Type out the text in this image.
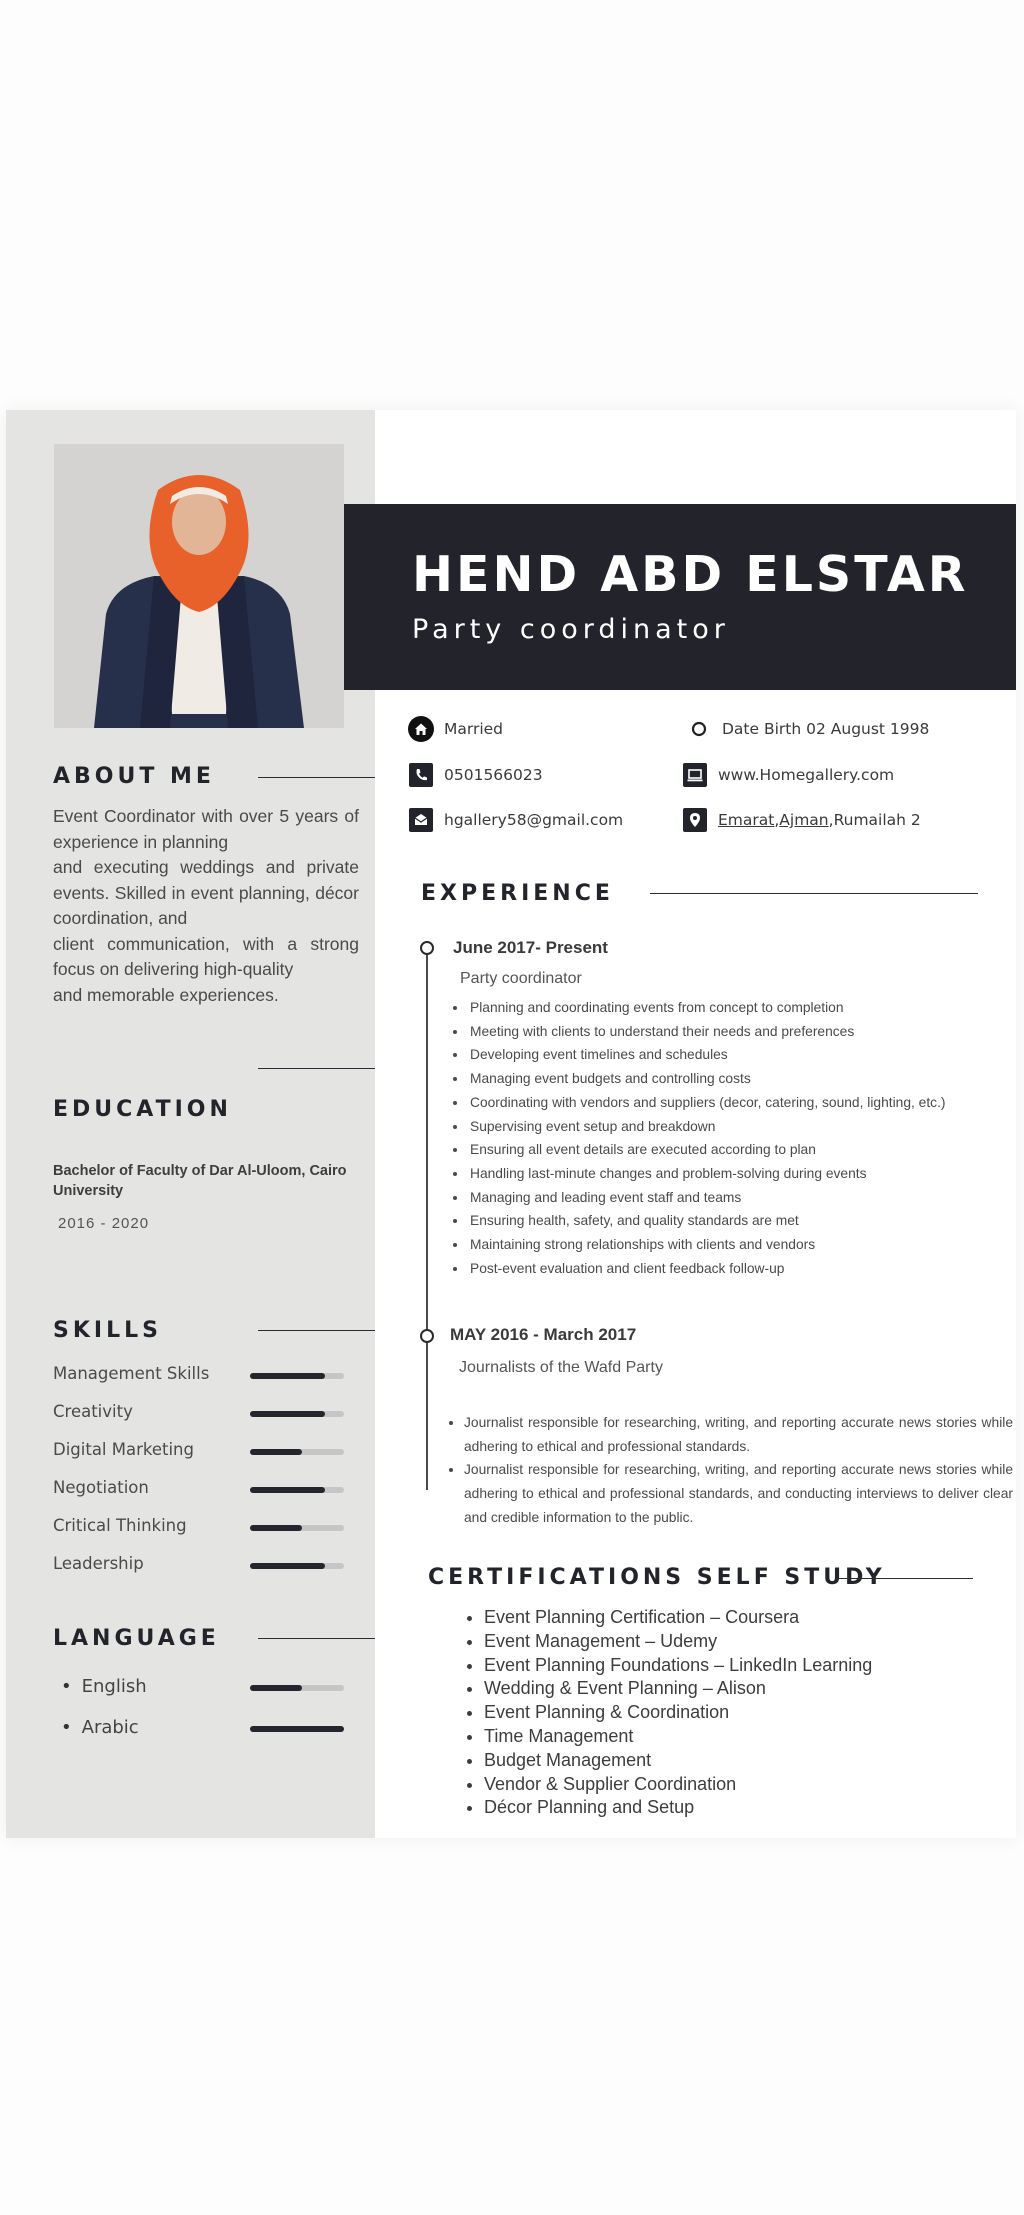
ABOUT ME
Event Coordinator with over 5 years of experience in planning
and executing weddings and private events. Skilled in event planning, décor coordination, and
client communication, with a strong focus on delivering high-quality
and memorable experiences.
EDUCATION
Bachelor of Faculty of Dar Al-Uloom, Cairo University
2016 - 2020
SKILLS
Management Skills
Creativity
Digital Marketing
Negotiation
Critical Thinking
Leadership
LANGUAGE
• English
• Arabic
HEND ABD ELSTAR
Party coordinator
Married	Date Birth 02 August 1998
0501566023	www.Homegallery.com
hgallery58@gmail.com	Emarat , Ajman , Rumailah 2
EXPERIENCE
June 2017- Present
Party coordinator
• Planning and coordinating events from concept to completion
• Meeting with clients to understand their needs and preferences
• Developing event timelines and schedules
• Managing event budgets and controlling costs
• Coordinating with vendors and suppliers (decor, catering, sound, lighting, etc.)
• Supervising event setup and breakdown
• Ensuring all event details are executed according to plan
• Handling last-minute changes and problem-solving during events
• Managing and leading event staff and teams
• Ensuring health, safety, and quality standards are met
• Maintaining strong relationships with clients and vendors
• Post-event evaluation and client feedback follow-up
MAY 2016 - March 2017
Journalists of the Wafd Party
• Journalist responsible for researching, writing, and reporting accurate news stories while adhering to ethical and professional standards.
• Journalist responsible for researching, writing, and reporting accurate news stories while adhering to ethical and professional standards, and conducting interviews to deliver clear and credible information to the public.
CERTIFICATIONS SELF STUDY
• Event Planning Certification – Coursera
• Event Management – Udemy
• Event Planning Foundations – LinkedIn Learning
• Wedding & Event Planning – Alison
• Event Planning & Coordination
• Time Management
• Budget Management
• Vendor & Supplier Coordination
• Décor Planning and Setup
